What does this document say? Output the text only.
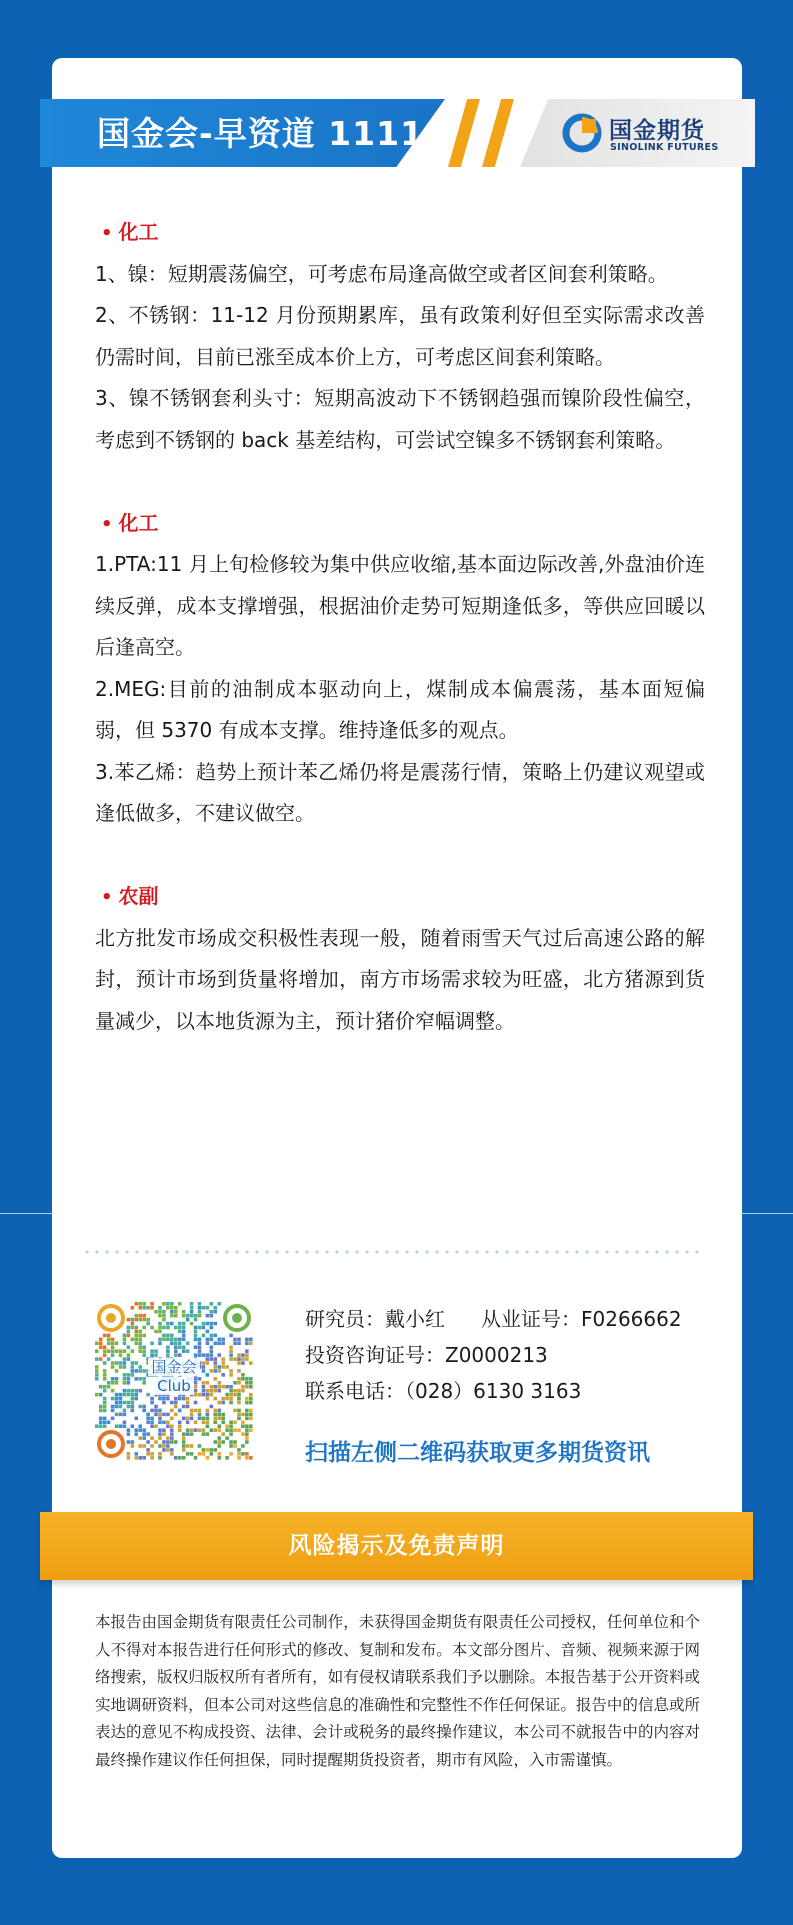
国金会-早资道 1111	国金期货
SINOLINK FUTURES
• 化工

1、镍：短期震荡偏空，可考虑布局逢高做空或者区间套利策略。

2、不锈钢：11-12 月份预期累库，虽有政策利好但至实际需求改善仍需时间，目前已涨至成本价上方，可考虑区间套利策略。

3、镍不锈钢套利头寸：短期高波动下不锈钢趋强而镍阶段性偏空，考虑到不锈钢的 back 基差结构，可尝试空镍多不锈钢套利策略。

• 化工

1.PTA:11 月上旬检修较为集中供应收缩,基本面边际改善,外盘油价连续反弹，成本支撑增强，根据油价走势可短期逢低多，等供应回暖以后逢高空。

2.MEG:目前的油制成本驱动向上，煤制成本偏震荡，基本面短偏弱，但 5370 有成本支撑。维持逢低多的观点。

3.苯乙烯：趋势上预计苯乙烯仍将是震荡行情，策略上仍建议观望或逢低做多，不建议做空。

• 农副

北方批发市场成交积极性表现一般，随着雨雪天气过后高速公路的解封，预计市场到货量将增加，南方市场需求较为旺盛，北方猪源到货量减少，以本地货源为主，预计猪价窄幅调整。

国金会
Club
研究员：戴小红 从业证号：F0266662
投资咨询证号：Z0000213
联系电话：（028）6130 3163
扫描左侧二维码获取更多期货资讯
风险揭示及免责声明
本报告由国金期货有限责任公司制作，未获得国金期货有限责任公司授权，任何单位和个人不得对本报告进行任何形式的修改、复制和发布。本文部分图片、音频、视频来源于网络搜索，版权归版权所有者所有，如有侵权请联系我们予以删除。本报告基于公开资料或实地调研资料，但本公司对这些信息的准确性和完整性不作任何保证。报告中的信息或所表达的意见不构成投资、法律、会计或税务的最终操作建议，本公司不就报告中的内容对最终操作建议作任何担保，同时提醒期货投资者，期市有风险，入市需谨慎。
